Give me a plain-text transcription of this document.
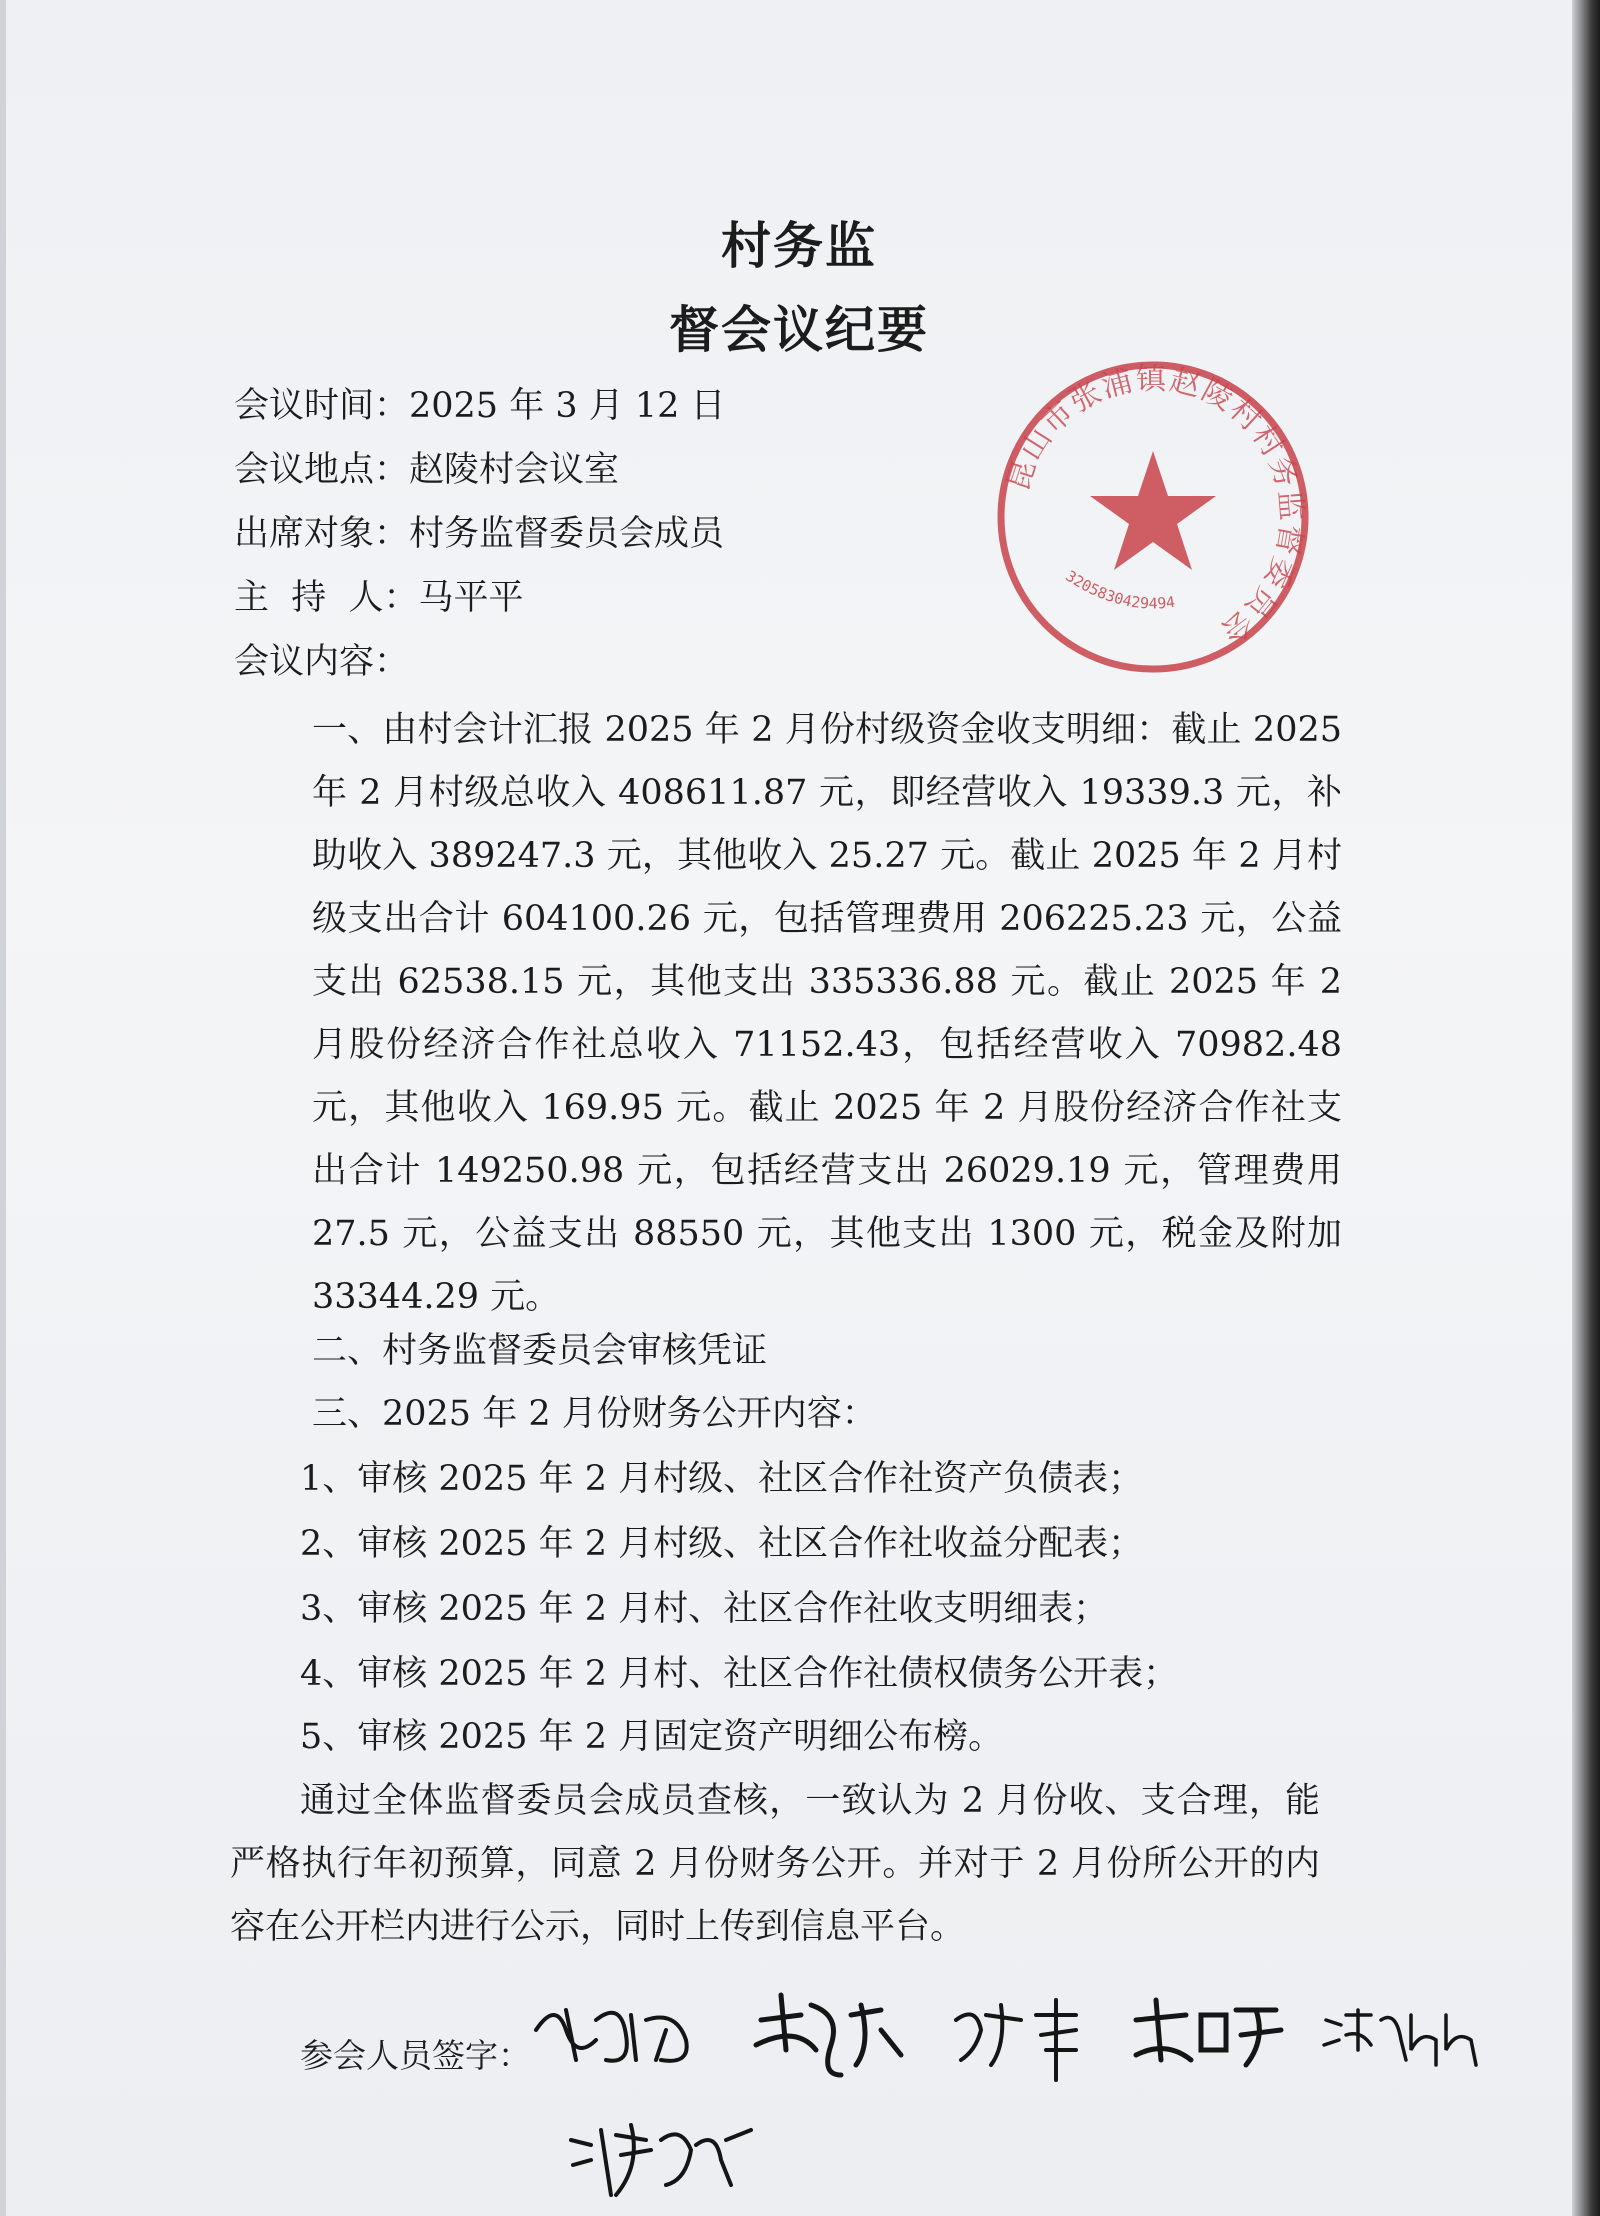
村务监
督会议纪要
会议时间：2025 年 3 月 12 日
会议地点：赵陵村会议室
出席对象：村务监督委员会成员
主  持  人：马平平
会议内容：
一、由村会计汇报 2025 年 2 月份村级资金收支明细：截止 2025 年 2 月村级总收入 408611.87 元，即经营收入 19339.3 元，补助收入 389247.3 元，其他收入 25.27 元。截止 2025 年 2 月村级支出合计 604100.26 元，包括管理费用 206225.23 元，公益支出 62538.15 元，其他支出 335336.88 元。截止 2025 年 2 月股份经济合作社总收入 71152.43，包括经营收入 70982.48 元，其他收入 169.95 元。截止 2025 年 2 月股份经济合作社支出合计 149250.98 元，包括经营支出 26029.19 元，管理费用 27.5 元，公益支出 88550 元，其他支出 1300 元，税金及附加 33344.29 元。
二、村务监督委员会审核凭证
三、2025 年 2 月份财务公开内容：
1、审核 2025 年 2 月村级、社区合作社资产负债表；
2、审核 2025 年 2 月村级、社区合作社收益分配表；
3、审核 2025 年 2 月村、社区合作社收支明细表；
4、审核 2025 年 2 月村、社区合作社债权债务公开表；
5、审核 2025 年 2 月固定资产明细公布榜。
通过全体监督委员会成员查核，一致认为 2 月份收、支合理，能严格执行年初预算，同意 2 月份财务公开。并对于 2 月份所公开的内容在公开栏内进行公示，同时上传到信息平台。
参会人员签字：
昆山市张浦镇赵陵村村务监督委员会
3205830429494
